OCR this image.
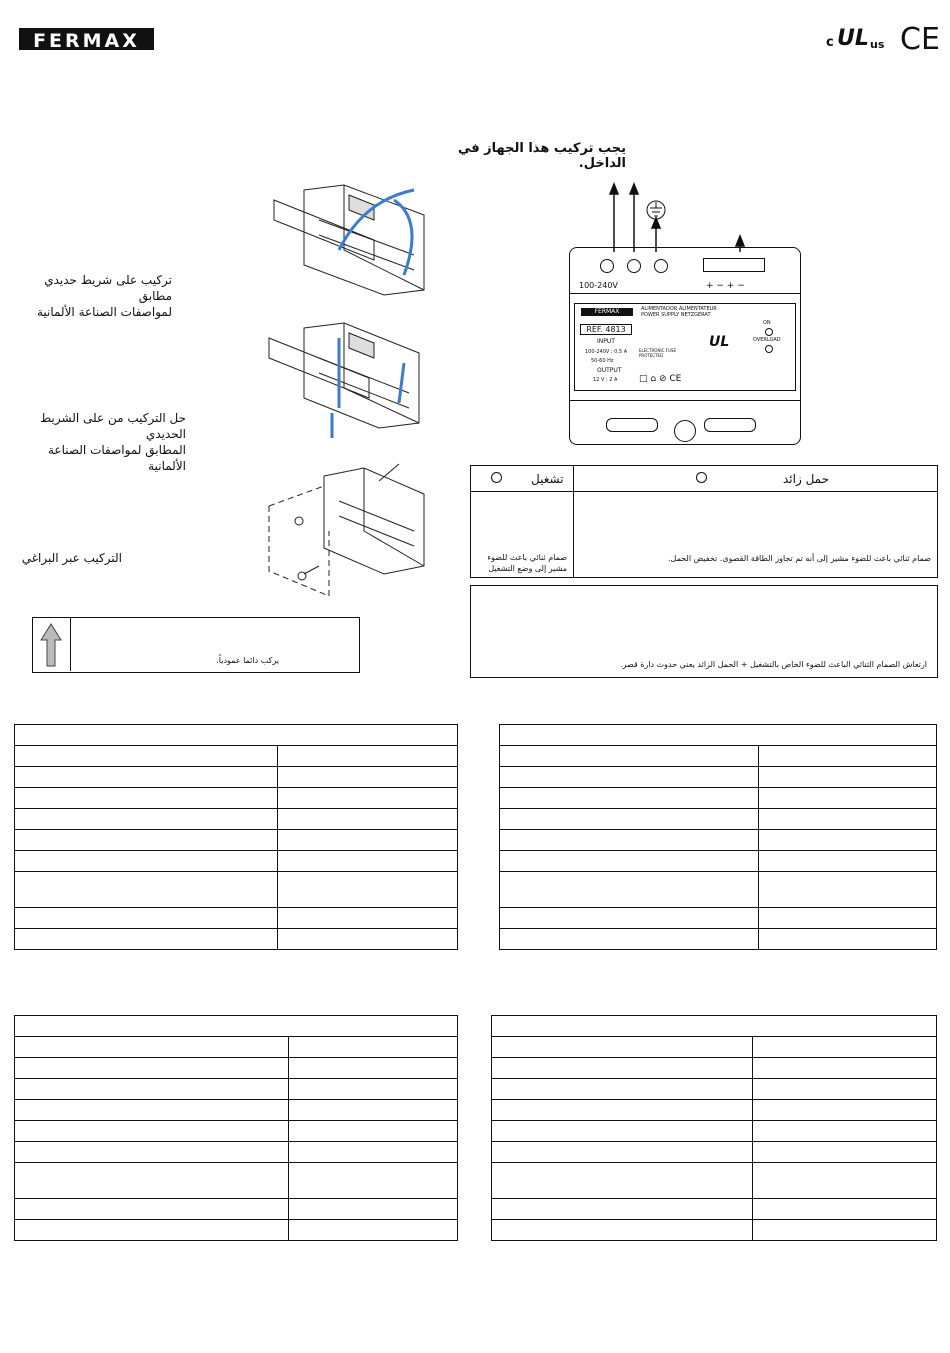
FERMAX	c UL us CE
يجب تركيب هذا الجهاز في الداخل.
تركيب على شريط حديدي مطابق
لمواصفات الصناعة الألمانية
حل التركيب من على الشريط الحديدي
المطابق لمواصفات الصناعة الألمانية
التركيب عبر البراغي
يركب دائما عمودياً.

100-240V	+ − + −
FERMAX	ALIMENTADOR ALIMENTATEUR
POWER SUPPLY NETZGERAT
REF. 4813
INPUT
100-240V ; 0,5 A
50-60 Hz
OUTPUT
12 V ; 2 A
ELECTRONIC FUSE PROTECTED
UL
ON
OVERLOAD
□ ⌂ ⊘ CE
تشغيل	حمل زائد
صمام ثنائي باعث للضوء
مشير إلى وضع التشغيل
صمام ثنائي باعث للضوء مشير إلى أنه تم تجاوز الطاقة القصوى. تخفيض الحمل.
ارتعاش الصمام الثنائي الباعث للضوء الخاص بالتشغيل + الحمل الزائد يعني حدوث دارة قصر.
